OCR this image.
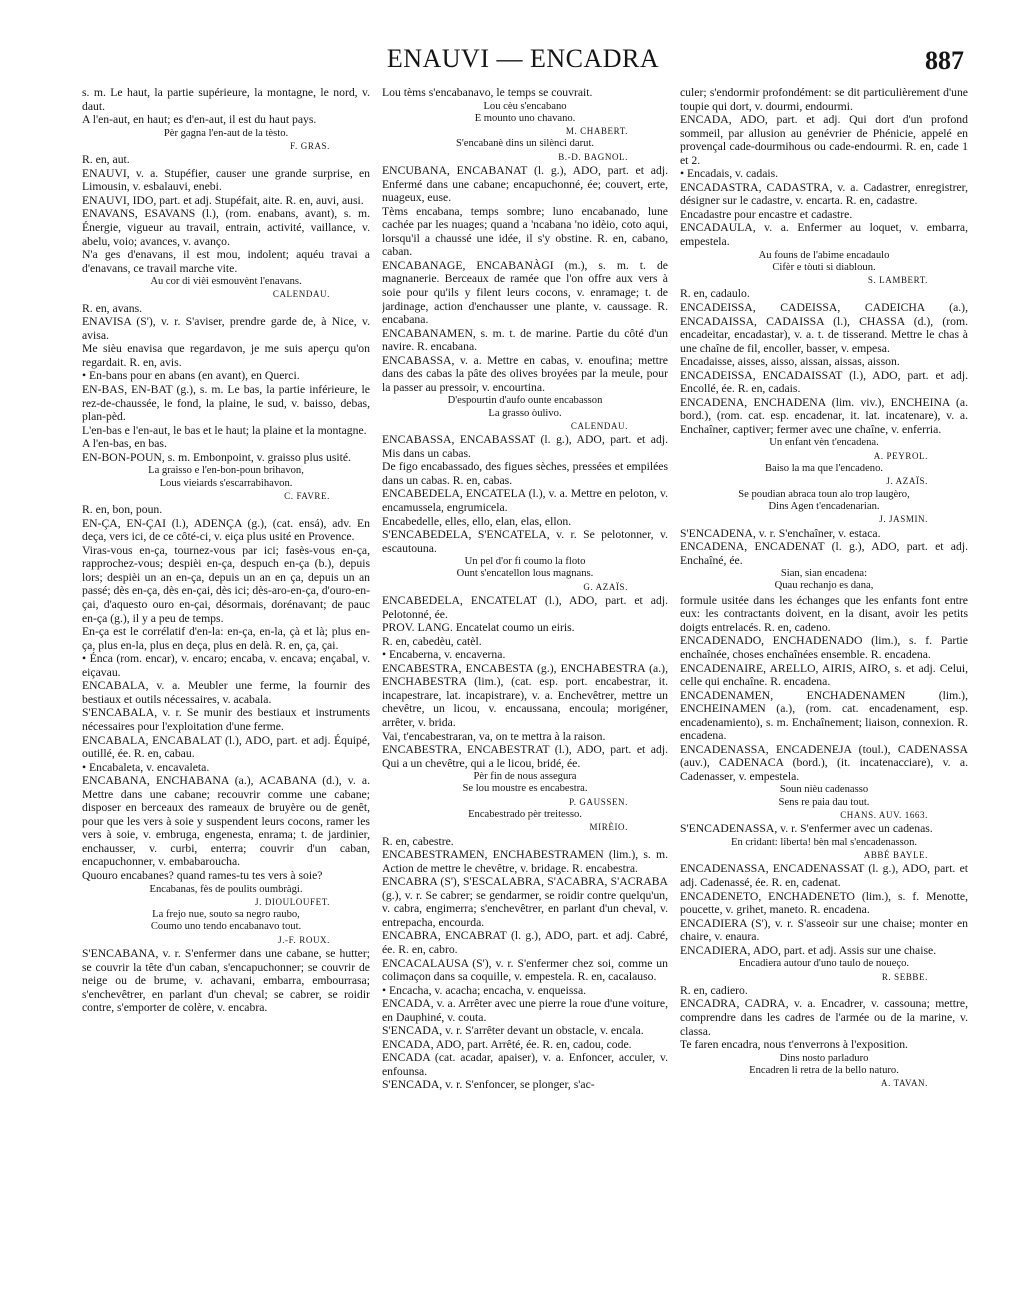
ENAUVI — ENCADRA	887

s. m. Le haut, la partie supérieure, la montagne, le nord, v. daut.

A l'en-aut, en haut; es d'en-aut, il est du haut pays.

Pèr gagna l'en-aut de la tèsto.
F. GRAS.

R. en, aut.

ENAUVI, v. a. Stupéfier, causer une grande surprise, en Limousin, v. esbalauvi, enebi.

ENAUVI, IDO, part. et adj. Stupéfait, aite. R. en, auvi, ausi.

ENAVANS, ESAVANS (l.), (rom. enabans, avant), s. m. Énergie, vigueur au travail, entrain, activité, vaillance, v. abelu, voio; avances, v. avanço.

N'a ges d'enavans, il est mou, indolent; aquéu travai a d'enavans, ce travail marche vite.

Au cor di vièi esmouvènt l'enavans.
CALENDAU.

R. en, avans.

ENAVISA (S'), v. r. S'aviser, prendre garde de, à Nice, v. avisa.

Me sièu enavisa que regardavon, je me suis aperçu qu'on regardait. R. en, avis.

• En-bans pour en abans (en avant), en Querci.

EN-BAS, EN-BAT (g.), s. m. Le bas, la partie inférieure, le rez-de-chaussée, le fond, la plaine, le sud, v. baisso, debas, plan-pèd.

L'en-bas e l'en-aut, le bas et le haut; la plaine et la montagne.

A l'en-bas, en bas.

EN-BON-POUN, s. m. Embonpoint, v. graisso plus usité.

La graisso e l'en-bon-poun brihavon,
Lous vieiards s'escarrabihavon.
C. FAVRE.

R. en, bon, poun.

EN-ÇA, EN-ÇAI (l.), ADENÇA (g.), (cat. ensá), adv. En deça, vers ici, de ce côté-ci, v. eiça plus usité en Provence.

Viras-vous en-ça, tournez-vous par ici; fasès-vous en-ça, rapprochez-vous; despièi en-ça, despuch en-ça (b.), depuis lors; despièi un an en-ça, depuis un an en ça, depuis un an passé; dès en-ça, dès en-çai, dès ici; dès-aro-en-ça, d'ouro-en-çai, d'aquesto ouro en-çai, désormais, dorénavant; de pauc en-ça (g.), il y a peu de temps.

En-ça est le corrélatif d'en-la: en-ça, en-la, çà et là; plus en-ça, plus en-la, plus en deça, plus en delà. R. en, ça, çai.

• Énca (rom. encar), v. encaro; encaba, v. encava; ençabal, v. eiçavau.

ENCABALA, v. a. Meubler une ferme, la fournir des bestiaux et outils nécessaires, v. acabala.

S'ENCABALA, v. r. Se munir des bestiaux et instruments nécessaires pour l'exploitation d'une ferme.

ENCABALA, ENCABALAT (l.), ADO, part. et adj. Équipé, outillé, ée. R. en, cabau.

• Encabaleta, v. encavaleta.

ENCABANA, ENCHABANA (a.), ACABANA (d.), v. a. Mettre dans une cabane; recouvrir comme une cabane; disposer en berceaux des rameaux de bruyère ou de genêt, pour que les vers à soie y suspendent leurs cocons, ramer les vers à soie, v. embruga, engenesta, enrama; t. de jardinier, enchausser, v. curbi, enterra; couvrir d'un caban, encapuchonner, v. embabaroucha.

Quouro encabanes? quand rames-tu tes vers à soie?

Encabanas, fès de poulits oumbràgi.
J. DIOULOUFET.
La frejo nue, souto sa negro raubo,
Coumo uno tendo encabanavo tout.
J.-F. ROUX.

S'ENCABANA, v. r. S'enfermer dans une cabane, se hutter; se couvrir la tête d'un caban, s'encapuchonner; se couvrir de neige ou de brume, v. achavani, embarra, embourrasa; s'enchevêtrer, en parlant d'un cheval; se cabrer, se roidir contre, s'emporter de colère, v. encabra.

Lou tèms s'encabanavo, le temps se couvrait.

Lou cèu s'encabano
E mounto uno chavano.
M. CHABERT.
S'encabanè dins un silènci darut.
B.-D. BAGNOL.

ENCUBANA, ENCABANAT (l. g.), ADO, part. et adj. Enfermé dans une cabane; encapuchonné, ée; couvert, erte, nuageux, euse.

Tèms encabana, temps sombre; luno encabanado, lune cachée par les nuages; quand a 'ncabana 'no idèio, coto aqui, lorsqu'il a chaussé une idée, il s'y obstine. R. en, cabano, caban.

ENCABANAGE, ENCABANÀGI (m.), s. m. t. de magnanerie. Berceaux de ramée que l'on offre aux vers à soie pour qu'ils y filent leurs cocons, v. enramage; t. de jardinage, action d'enchausser une plante, v. caussage. R. encabana.

ENCABANAMEN, s. m. t. de marine. Partie du côté d'un navire. R. encabana.

ENCABASSA, v. a. Mettre en cabas, v. enoufina; mettre dans des cabas la pâte des olives broyées par la meule, pour la passer au pressoir, v. encourtina.

D'espourtin d'aufo ounte encabasson
La grasso òulivo.
CALENDAU.

ENCABASSA, ENCABASSAT (l. g.), ADO, part. et adj. Mis dans un cabas.

De figo encabassado, des figues sèches, pressées et empilées dans un cabas. R. en, cabas.

ENCABEDELA, ENCATELA (l.), v. a. Mettre en peloton, v. encamussela, engrumicela.

Encabedelle, elles, ello, elan, elas, ellon.

S'ENCABEDELA, S'ENCATELA, v. r. Se pelotonner, v. escautouna.

Un pel d'or fi coumo la floto
Ount s'encatellon lous magnans.
G. AZAÏS.

ENCABEDELA, ENCATELAT (l.), ADO, part. et adj. Pelotonné, ée.

PROV. LANG. Encatelat coumo un eiris.

R. en, cabedèu, catèl.

• Encaberna, v. encaverna.

ENCABESTRA, ENCABESTA (g.), ENCHABESTRA (a.), ENCHABESTRA (lim.), (cat. esp. port. encabestrar, it. incapestrare, lat. incapistrare), v. a. Enchevêtrer, mettre un chevêtre, un licou, v. encaussana, encoula; morigéner, arrêter, v. brida.

Vai, t'encabestraran, va, on te mettra à la raison.

ENCABESTRA, ENCABESTRAT (l.), ADO, part. et adj. Qui a un chevêtre, qui a le licou, bridé, ée.

Pèr fin de nous assegura
Se lou moustre es encabestra.
P. GAUSSEN.
Encabestrado pèr treitesso.
MIRÈIO.

R. en, cabestre.

ENCABESTRAMEN, ENCHABESTRAMEN (lim.), s. m. Action de mettre le chevêtre, v. bridage. R. encabestra.

ENCABRA (S'), S'ESCALABRA, S'ACABRA, S'ACRABA (g.), v. r. Se cabrer; se gendarmer, se roidir contre quelqu'un, v. cabra, engimerra; s'enchevêtrer, en parlant d'un cheval, v. entrepacha, encourda.

ENCABRA, ENCABRAT (l. g.), ADO, part. et adj. Cabré, ée. R. en, cabro.

ENCACALAUSA (S'), v. r. S'enfermer chez soi, comme un colimaçon dans sa coquille, v. empestela. R. en, cacalauso.

• Encacha, v. acacha; encacha, v. enqueissa.

ENCADA, v. a. Arrêter avec une pierre la roue d'une voiture, en Dauphiné, v. couta.

S'ENCADA, v. r. S'arrêter devant un obstacle, v. encala.

ENCADA, ADO, part. Arrêté, ée. R. en, cadou, code.

ENCADA (cat. acadar, apaiser), v. a. Enfoncer, acculer, v. enfounsa.

S'ENCADA, v. r. S'enfoncer, se plonger, s'ac-

culer; s'endormir profondément: se dit particulièrement d'une toupie qui dort, v. dourmi, endourmi.

ENCADA, ADO, part. et adj. Qui dort d'un profond sommeil, par allusion au genévrier de Phénicie, appelé en provençal cade-dourmihous ou cade-endourmi. R. en, cade 1 et 2.

• Encadais, v. cadais.

ENCADASTRA, CADASTRA, v. a. Cadastrer, enregistrer, désigner sur le cadastre, v. encarta. R. en, cadastre.

Encadastre pour encastre et cadastre.

ENCADAULA, v. a. Enfermer au loquet, v. embarra, empestela.

Au founs de l'abime encadaulo
Cifèr e tòuti si diabloun.
S. LAMBERT.

R. en, cadaulo.

ENCADEISSA, CADEISSA, CADEICHA (a.), ENCADAISSA, CADAISSA (l.), CHASSA (d.), (rom. encadeitar, encadastar), v. a. t. de tisserand. Mettre le chas à une chaîne de fil, encoller, basser, v. empesa.

Encadaisse, aisses, aisso, aissan, aissas, aisson.

ENCADEISSA, ENCADAISSAT (l.), ADO, part. et adj. Encollé, ée. R. en, cadais.

ENCADENA, ENCHADENA (lim. viv.), ENCHEINA (a. bord.), (rom. cat. esp. encadenar, it. lat. incatenare), v. a. Enchaîner, captiver; fermer avec une chaîne, v. enferria.

Un enfant vèn t'encadena.
A. PEYROL.
Baiso la ma que l'encadeno.
J. AZAÏS.
Se poudian abraca toun alo trop laugèro,
Dins Agen t'encadenarian.
J. JASMIN.

S'ENCADENA, v. r. S'enchaîner, v. estaca.

ENCADENA, ENCADENAT (l. g.), ADO, part. et adj. Enchaîné, ée.

Sian, sian encadena:
Quau rechanjo es dana,

formule usitée dans les échanges que les enfants font entre eux: les contractants doivent, en la disant, avoir les petits doigts entrelacés. R. en, cadeno.

ENCADENADO, ENCHADENADO (lim.), s. f. Partie enchaînée, choses enchaînées ensemble. R. encadena.

ENCADENAIRE, ARELLO, AIRIS, AIRO, s. et adj. Celui, celle qui enchaîne. R. encadena.

ENCADENAMEN, ENCHADENAMEN (lim.), ENCHEINAMEN (a.), (rom. cat. encadenament, esp. encadenamiento), s. m. Enchaînement; liaison, connexion. R. encadena.

ENCADENASSA, ENCADENEJA (toul.), CADENASSA (auv.), CADENACA (bord.), (it. incatenacciare), v. a. Cadenasser, v. empestela.

Soun nièu cadenasso
Sens re paia dau tout.
CHANS. AUV. 1663.

S'ENCADENASSA, v. r. S'enfermer avec un cadenas.

En cridant: liberta! bèn mal s'encadenasson.
ABBÉ BAYLE.

ENCADENASSA, ENCADENASSAT (l. g.), ADO, part. et adj. Cadenassé, ée. R. en, cadenat.

ENCADENETO, ENCHADENETO (lim.), s. f. Menotte, poucette, v. grihet, maneto. R. encadena.

ENCADIERA (S'), v. r. S'asseoir sur une chaise; monter en chaire, v. enaura.

ENCADIERA, ADO, part. et adj. Assis sur une chaise.

Encadiera autour d'uno taulo de noueço.
R. SEBBE.

R. en, cadiero.

ENCADRA, CADRA, v. a. Encadrer, v. cassouna; mettre, comprendre dans les cadres de l'armée ou de la marine, v. classa.

Te faren encadra, nous t'enverrons à l'exposition.

Dins nosto parladuro
Encadren li retra de la bello naturo.
A. TAVAN.
